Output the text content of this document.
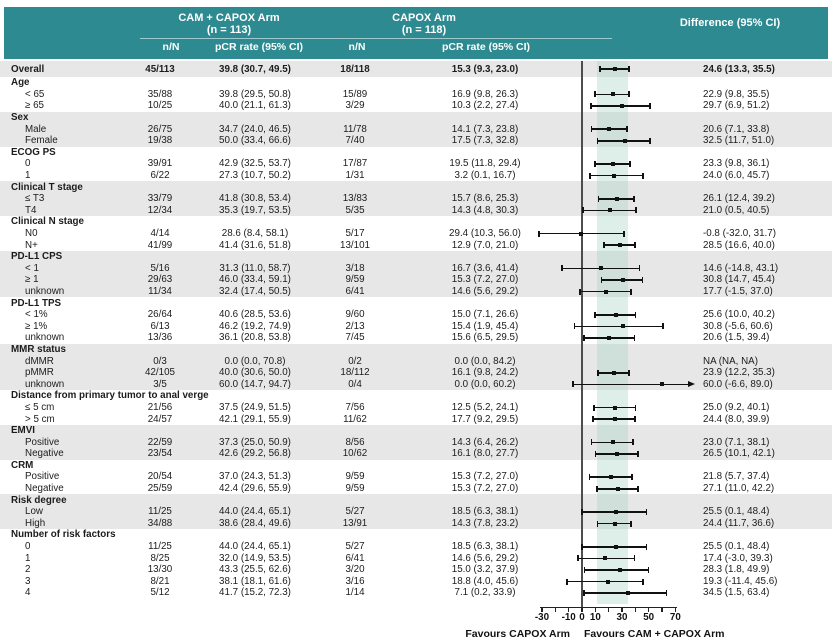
CAM + CAPOX Arm
(n = 113)
CAPOX Arm
(n = 118)
Difference (95% CI)
n/N	pCR rate (95% CI)	n/N	pCR rate (95% CI)
Overall	45/113	39.8 (30.7, 49.5)	18/118	15.3 (9.3, 23.0)	24.6 (13.3, 35.5)
Age
< 65	35/88	39.8 (29.5, 50.8)	15/89	16.9 (9.8, 26.3)	22.9 (9.8, 35.5)
≥ 65	10/25	40.0 (21.1, 61.3)	3/29	10.3 (2.2, 27.4)	29.7 (6.9, 51.2)
Sex
Male	26/75	34.7 (24.0, 46.5)	11/78	14.1 (7.3, 23.8)	20.6 (7.1, 33.8)
Female	19/38	50.0 (33.4, 66.6)	7/40	17.5 (7.3, 32.8)	32.5 (11.7, 51.0)
ECOG PS
0	39/91	42.9 (32.5, 53.7)	17/87	19.5 (11.8, 29.4)	23.3 (9.8, 36.1)
1	6/22	27.3 (10.7, 50.2)	1/31	3.2 (0.1, 16.7)	24.0 (6.0, 45.7)
Clinical T stage
≤ T3	33/79	41.8 (30.8, 53.4)	13/83	15.7 (8.6, 25.3)	26.1 (12.4, 39.2)
T4	12/34	35.3 (19.7, 53.5)	5/35	14.3 (4.8, 30.3)	21.0 (0.5, 40.5)
Clinical N stage
N0	4/14	28.6 (8.4, 58.1)	5/17	29.4 (10.3, 56.0)	-0.8 (-32.0, 31.7)
N+	41/99	41.4 (31.6, 51.8)	13/101	12.9 (7.0, 21.0)	28.5 (16.6, 40.0)
PD-L1 CPS
< 1	5/16	31.3 (11.0, 58.7)	3/18	16.7 (3.6, 41.4)	14.6 (-14.8, 43.1)
≥ 1	29/63	46.0 (33.4, 59.1)	9/59	15.3 (7.2, 27.0)	30.8 (14.7, 45.4)
unknown	11/34	32.4 (17.4, 50.5)	6/41	14.6 (5.6, 29.2)	17.7 (-1.5, 37.0)
PD-L1 TPS
< 1%	26/64	40.6 (28.5, 53.6)	9/60	15.0 (7.1, 26.6)	25.6 (10.0, 40.2)
≥ 1%	6/13	46.2 (19.2, 74.9)	2/13	15.4 (1.9, 45.4)	30.8 (-5.6, 60.6)
unknown	13/36	36.1 (20.8, 53.8)	7/45	15.6 (6.5, 29.5)	20.6 (1.5, 39.4)
MMR status
dMMR	0/3	0.0 (0.0, 70.8)	0/2	0.0 (0.0, 84.2)	NA (NA, NA)
pMMR	42/105	40.0 (30.6, 50.0)	18/112	16.1 (9.8, 24.2)	23.9 (12.2, 35.3)
unknown	3/5	60.0 (14.7, 94.7)	0/4	0.0 (0.0, 60.2)	60.0 (-6.6, 89.0)
Distance from primary tumor to anal verge
≤ 5 cm	21/56	37.5 (24.9, 51.5)	7/56	12.5 (5.2, 24.1)	25.0 (9.2, 40.1)
> 5 cm	24/57	42.1 (29.1, 55.9)	11/62	17.7 (9.2, 29.5)	24.4 (8.0, 39.9)
EMVI
Positive	22/59	37.3 (25.0, 50.9)	8/56	14.3 (6.4, 26.2)	23.0 (7.1, 38.1)
Negative	23/54	42.6 (29.2, 56.8)	10/62	16.1 (8.0, 27.7)	26.5 (10.1, 42.1)
CRM
Positive	20/54	37.0 (24.3, 51.3)	9/59	15.3 (7.2, 27.0)	21.8 (5.7, 37.4)
Negative	25/59	42.4 (29.6, 55.9)	9/59	15.3 (7.2, 27.0)	27.1 (11.0, 42.2)
Risk degree
Low	11/25	44.0 (24.4, 65.1)	5/27	18.5 (6.3, 38.1)	25.5 (0.1, 48.4)
High	34/88	38.6 (28.4, 49.6)	13/91	14.3 (7.8, 23.2)	24.4 (11.7, 36.6)
Number of risk factors
0	11/25	44.0 (24.4, 65.1)	5/27	18.5 (6.3, 38.1)	25.5 (0.1, 48.4)
1	8/25	32.0 (14.9, 53.5)	6/41	14.6 (5.6, 29.2)	17.4 (-3.0, 39.3)
2	13/30	43.3 (25.5, 62.6)	3/20	15.0 (3.2, 37.9)	28.3 (1.8, 49.9)
3	8/21	38.1 (18.1, 61.6)	3/16	18.8 (4.0, 45.6)	19.3 (-11.4, 45.6)
4	5/12	41.7 (15.2, 72.3)	1/14	7.1 (0.2, 33.9)	34.5 (1.5, 63.4)
-30 -10 0 10 30 50 70
Favours CAPOX Arm Favours CAM + CAPOX Arm
